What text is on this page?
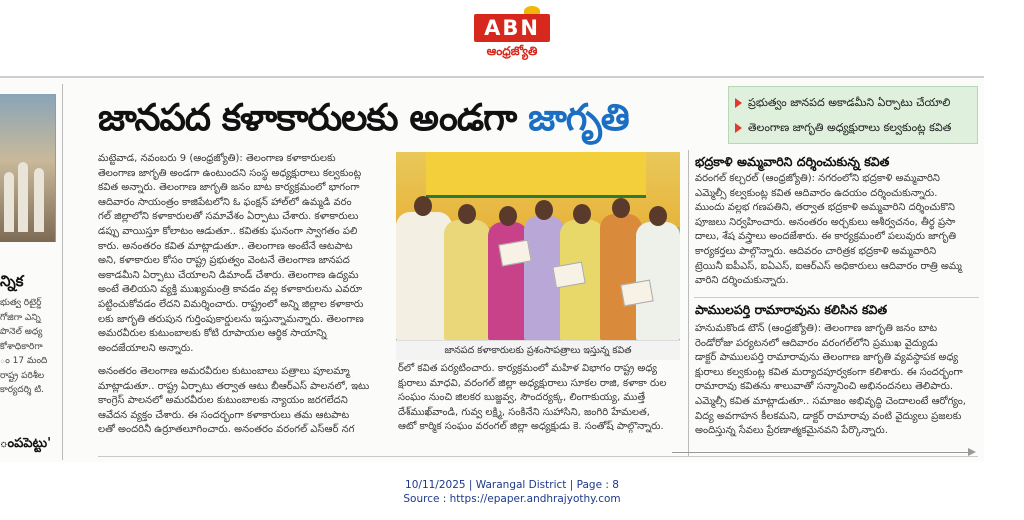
ABN
ఆంధ్రజ్యోతి
న్నిక
భుత్వ రిటైర్డ్
గోజిగా ఎన్ని
పొనెల్ అధ్య
కోశాధికారిగా
ం 17 మంది
రాష్ట్ర పరిశీల
కార్యదర్శి టి.
ంపపెట్టు'
జానపద కళాకారులకు అండగా జాగృతి	ప్రభుత్వం జానపద అకాడమీని ఏర్పాటు చేయాలి
తెలంగాణ జాగృతి అధ్యక్షురాలు కల్వకుంట్ల కవిత
మట్టెవాడ, నవంబరు 9 (ఆంధ్రజ్యోతి): తెలంగాణ కళాకారులకు
తెలంగాణ జాగృతి అండగా ఉంటుందని సంస్థ అధ్యక్షురాలు కల్వకుంట్ల
కవిత అన్నారు. తెలంగాణ జాగృతి జనం బాట కార్యక్రమంలో భాగంగా
ఆదివారం సాయంత్రం కాజిపేటలోని ఓ ఫంక్షన్ హాల్‌లో ఉమ్మడి వరం
గల్ జిల్లాలోని కళాకారులతో సమావేశం ఏర్పాటు చేశారు. కళాకారులు
డప్పు వాయిస్తూ కోలాటం ఆడుతూ.. కవితకు ఘనంగా స్వాగతం పలి
కారు. అనంతరం కవిత మాట్లాడుతూ.. తెలంగాణ అంటేనే ఆటపాట
అని, కళాకారుల కోసం రాష్ట్ర ప్రభుత్వం వెంటనే తెలంగాణ జానపద
అకాడమీని ఏర్పాటు చేయాలని డిమాండ్ చేశారు. తెలంగాణ ఉద్యమ
అంటే తెలియని వ్యక్తి ముఖ్యమంత్రి కావడం వల్ల కళాకారులను ఎవరూ
పట్టించుకోవడం లేదని విమర్శించారు. రాష్ట్రంలో అన్ని జిల్లాల కళాకారు
లకు జాగృతి తరుపున గుర్తింపుకార్డులను ఇస్తున్నామన్నారు. తెలంగాణ
అమరవీరుల కుటుంబాలకు కోటి రూపాయల ఆర్థిక సాయాన్ని
అందజేయాలని అన్నారు.
అనంతరం తెలంగాణ అమరవీరుల కుటుంబాలు పత్రాలు పూలమ్మా
మాట్లాడుతూ.. రాష్ట్ర ఏర్పాటు తర్వాత ఆటు బీఆర్ఎస్ పాలనలో, ఇటు
కాంగ్రెస్ పాలనలో అమరవీరుల కుటుంబాలకు న్యాయం జరగలేదని
ఆవేదన వ్యక్తం చేశారు. ఈ సందర్భంగా కళాకారులు తమ ఆటపాట
లతో అందరినీ ఉర్రూతలూగించారు. అనంతరం వరంగల్ ఎస్ఆర్ నగ
జానపద కళాకారులకు ప్రశంసాపత్రాలు ఇస్తున్న కవిత
ర్‌లో కవిత పర్యటించారు. కార్యక్రమంలో మహిళ విభాగం రాష్ట్ర అధ్య
క్షురాలు మాధవి, వరంగల్ జిల్లా అధ్యక్షురాలు సూకల రాజి, కళాకా రుల
సంఘం నుంచి జిలకర బుజ్జవ్వ, సౌందర్యక్క, లింగాకుయ్య, ముత్తే
దేశ్‌ముఖ్‌వాండి, గువ్వ లక్ష్మి, సంకినేని సుహాసిని, జంగిరి హేమలత,
ఆటో కార్మిక సంఘం వరంగల్ జిల్లా అధ్యక్షుడు కె. సంతోష్ పాల్గొన్నారు.
భద్రకాళి అమ్మవారిని దర్శించుకున్న కవిత
వరంగల్ కల్చరల్ (ఆంధ్రజ్యోతి): నగరంలోని భద్రకాళి అమ్మవారిని
ఎమ్మెల్సీ కల్వకుంట్ల కవిత ఆదివారం ఉదయం దర్శించుకున్నారు.
ముందు వల్లభ గణపతిని, తర్వాత భద్రకాళి అమ్మవారిని దర్శించుకొని
పూజలు నిర్వహించారు. అనంతరం అర్చకులు ఆశీర్వచనం, తీర్థ ప్రసా
దాలు, శేష వస్త్రాలు అందజేశారు. ఈ కార్యక్రమంలో పలువురు జాగృతి
కార్యకర్తలు పాల్గొన్నారు. ఆదివరం చారిత్రక భద్రకాళి అమ్మవారిని
ట్రెయినీ ఐపీఎస్, ఐఏఎస్, ఐఆర్ఎస్ అధికారులు ఆదివారం రాత్రి అమ్మ
వారిని దర్శించుకున్నారు.
పాములపర్తి రామారావును కలిసిన కవిత
హనుమకొండ టౌన్ (ఆంధ్రజ్యోతి): తెలంగాణ జాగృతి జనం బాట
రెండోరోజు పర్యటనలో ఆదివారం వరంగల్‌లోని ప్రముఖ వైద్యుడు
డాక్టర్ పాములపర్తి రామారావును తెలంగాణ జాగృతి వ్యవస్థాపక అధ్య
క్షురాలు కల్వకుంట్ల కవిత మర్యాదపూర్వకంగా కలిశారు. ఈ సందర్భంగా
రామారావు కవితను శాలువాతో సన్మానించి అభినందనలు తెలిపారు.
ఎమ్మెల్సీ కవిత మాట్లాడుతూ.. సమాజం అభివృద్ధి చెందాలంటే ఆరోగ్యం,
విద్య అవగాహన కీలకమని, డాక్టర్ రామారావు వంటి వైద్యులు ప్రజలకు
అందిస్తున్న సేవలు ప్రేరణాత్మకమైనవని పేర్కొన్నారు.
10/11/2025 | Warangal District | Page : 8
Source : https://epaper.andhrajyothy.com
